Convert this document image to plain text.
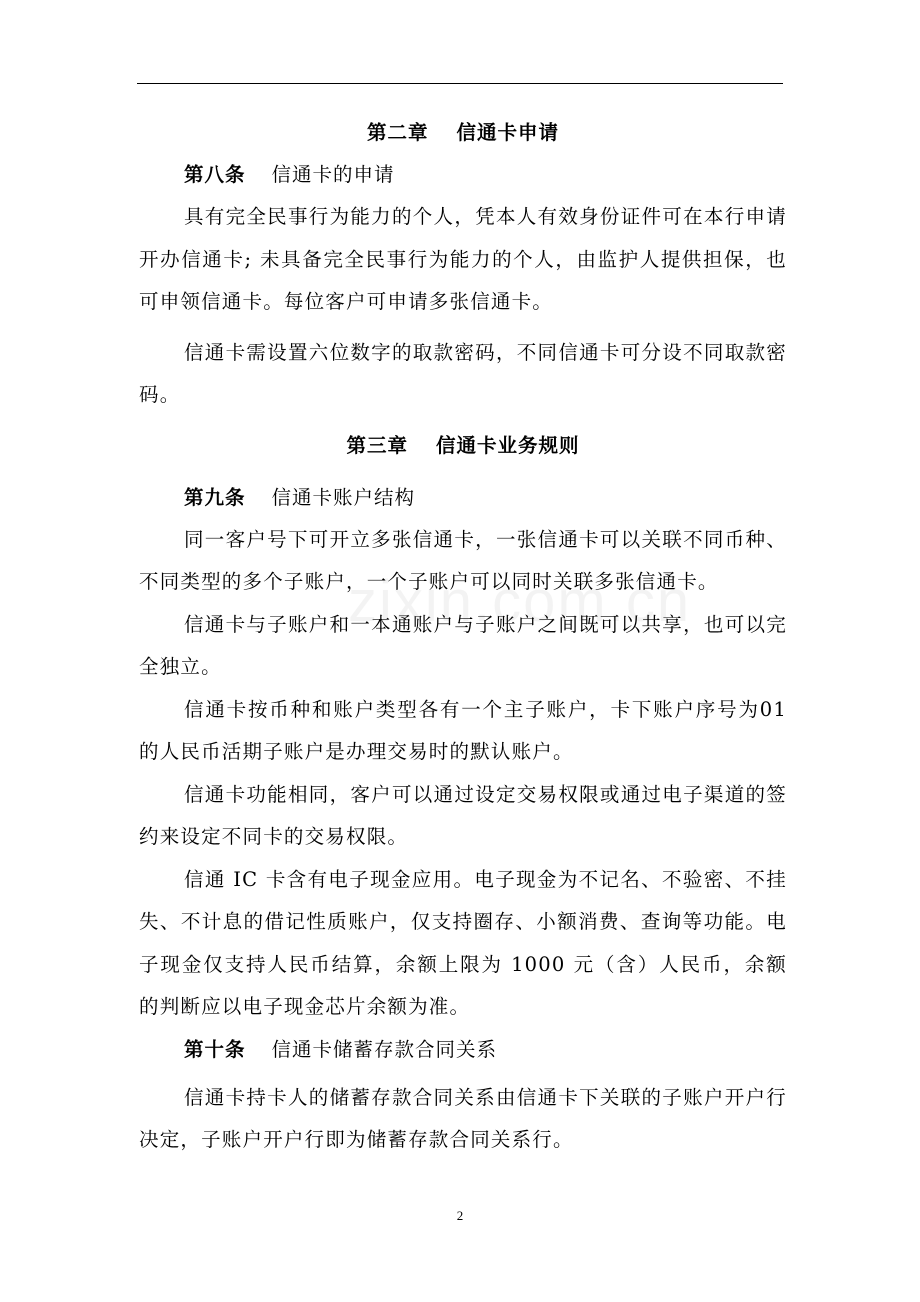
第二章 信通卡申请

第八条 信通卡的申请

具有完全民事行为能力的个人，凭本人有效身份证件可在本行申请开办信通卡; 未具备完全民事行为能力的个人，由监护人提供担保，也可申领信通卡。每位客户可申请多张信通卡。

信通卡需设置六位数字的取款密码，不同信通卡可分设不同取款密码。

第三章 信通卡业务规则

第九条 信通卡账户结构

同一客户号下可开立多张信通卡，一张信通卡可以关联不同币种、不同类型的多个子账户，一个子账户可以同时关联多张信通卡。

信通卡与子账户和一本通账户与子账户之间既可以共享，也可以完全独立。

信通卡按币种和账户类型各有一个主子账户，卡下账户序号为01 的人民币活期子账户是办理交易时的默认账户。

信通卡功能相同，客户可以通过设定交易权限或通过电子渠道的签约来设定不同卡的交易权限。

信通 IC 卡含有电子现金应用。电子现金为不记名、不验密、不挂失、不计息的借记性质账户，仅支持圈存、小额消费、查询等功能。电子现金仅支持人民币结算，余额上限为 1000 元（含）人民币，余额的判断应以电子现金芯片余额为准。

第十条 信通卡储蓄存款合同关系

信通卡持卡人的储蓄存款合同关系由信通卡下关联的子账户开户行决定，子账户开户行即为储蓄存款合同关系行。

2
